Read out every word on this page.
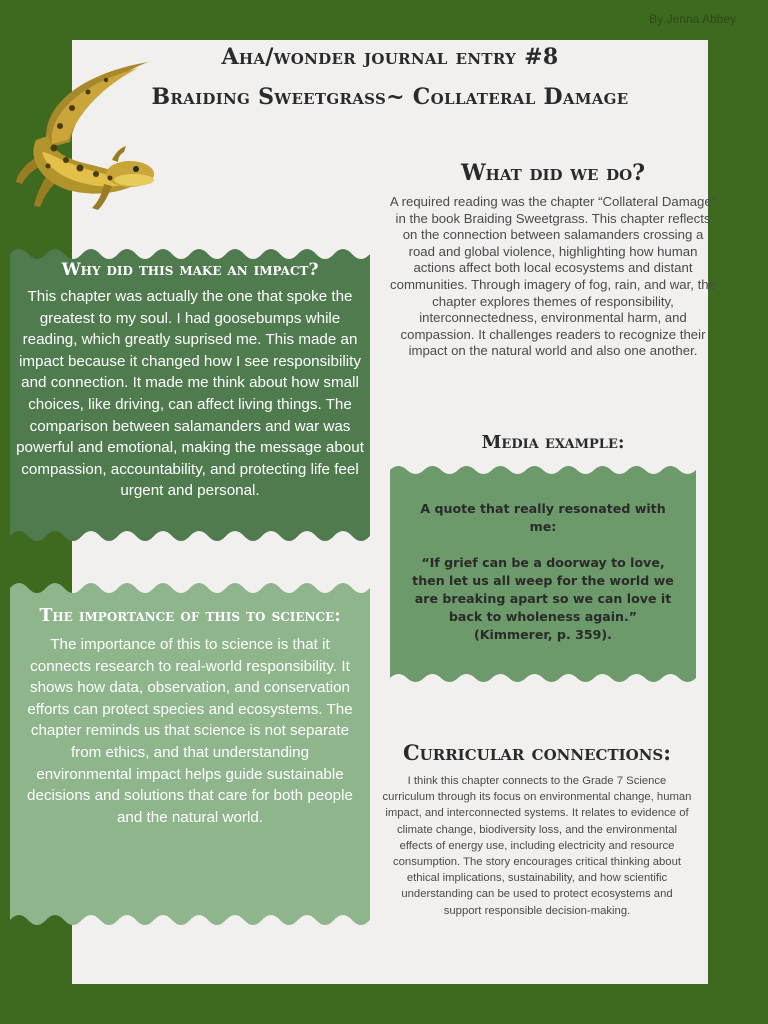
By Jenna Abbey
Aha/wonder journal entry #8
Braiding Sweetgrass~ Collateral Damage
What did we do?
A required reading was the chapter “Collateral Damage” in the book Braiding Sweetgrass. This chapter reflects on the connection between salamanders crossing a road and global violence, highlighting how human actions affect both local ecosystems and distant communities. Through imagery of fog, rain, and war, the chapter explores themes of responsibility, interconnectedness, environmental harm, and compassion. It challenges readers to recognize their impact on the natural world and also one another.
Why did this make an impact?
This chapter was actually the one that spoke the greatest to my soul. I had goosebumps while reading, which greatly suprised me. This made an impact because it changed how I see responsibility and connection. It made me think about how small choices, like driving, can affect living things. The comparison between salamanders and war was powerful and emotional, making the message about compassion, accountability, and protecting life feel urgent and personal.
Media example:
A quote that really resonated with me:
“If grief can be a doorway to love, then let us all weep for the world we are breaking apart so we can love it back to wholeness again.” (Kimmerer, p. 359).
The importance of this to science:
The importance of this to science is that it connects research to real-world responsibility. It shows how data, observation, and conservation efforts can protect species and ecosystems. The chapter reminds us that science is not separate from ethics, and that understanding environmental impact helps guide sustainable decisions and solutions that care for both people and the natural world.
Curricular connections:
I think this chapter connects to the Grade 7 Science curriculum through its focus on environmental change, human impact, and interconnected systems. It relates to evidence of climate change, biodiversity loss, and the environmental effects of energy use, including electricity and resource consumption. The story encourages critical thinking about ethical implications, sustainability, and how scientific understanding can be used to protect ecosystems and support responsible decision-making.
